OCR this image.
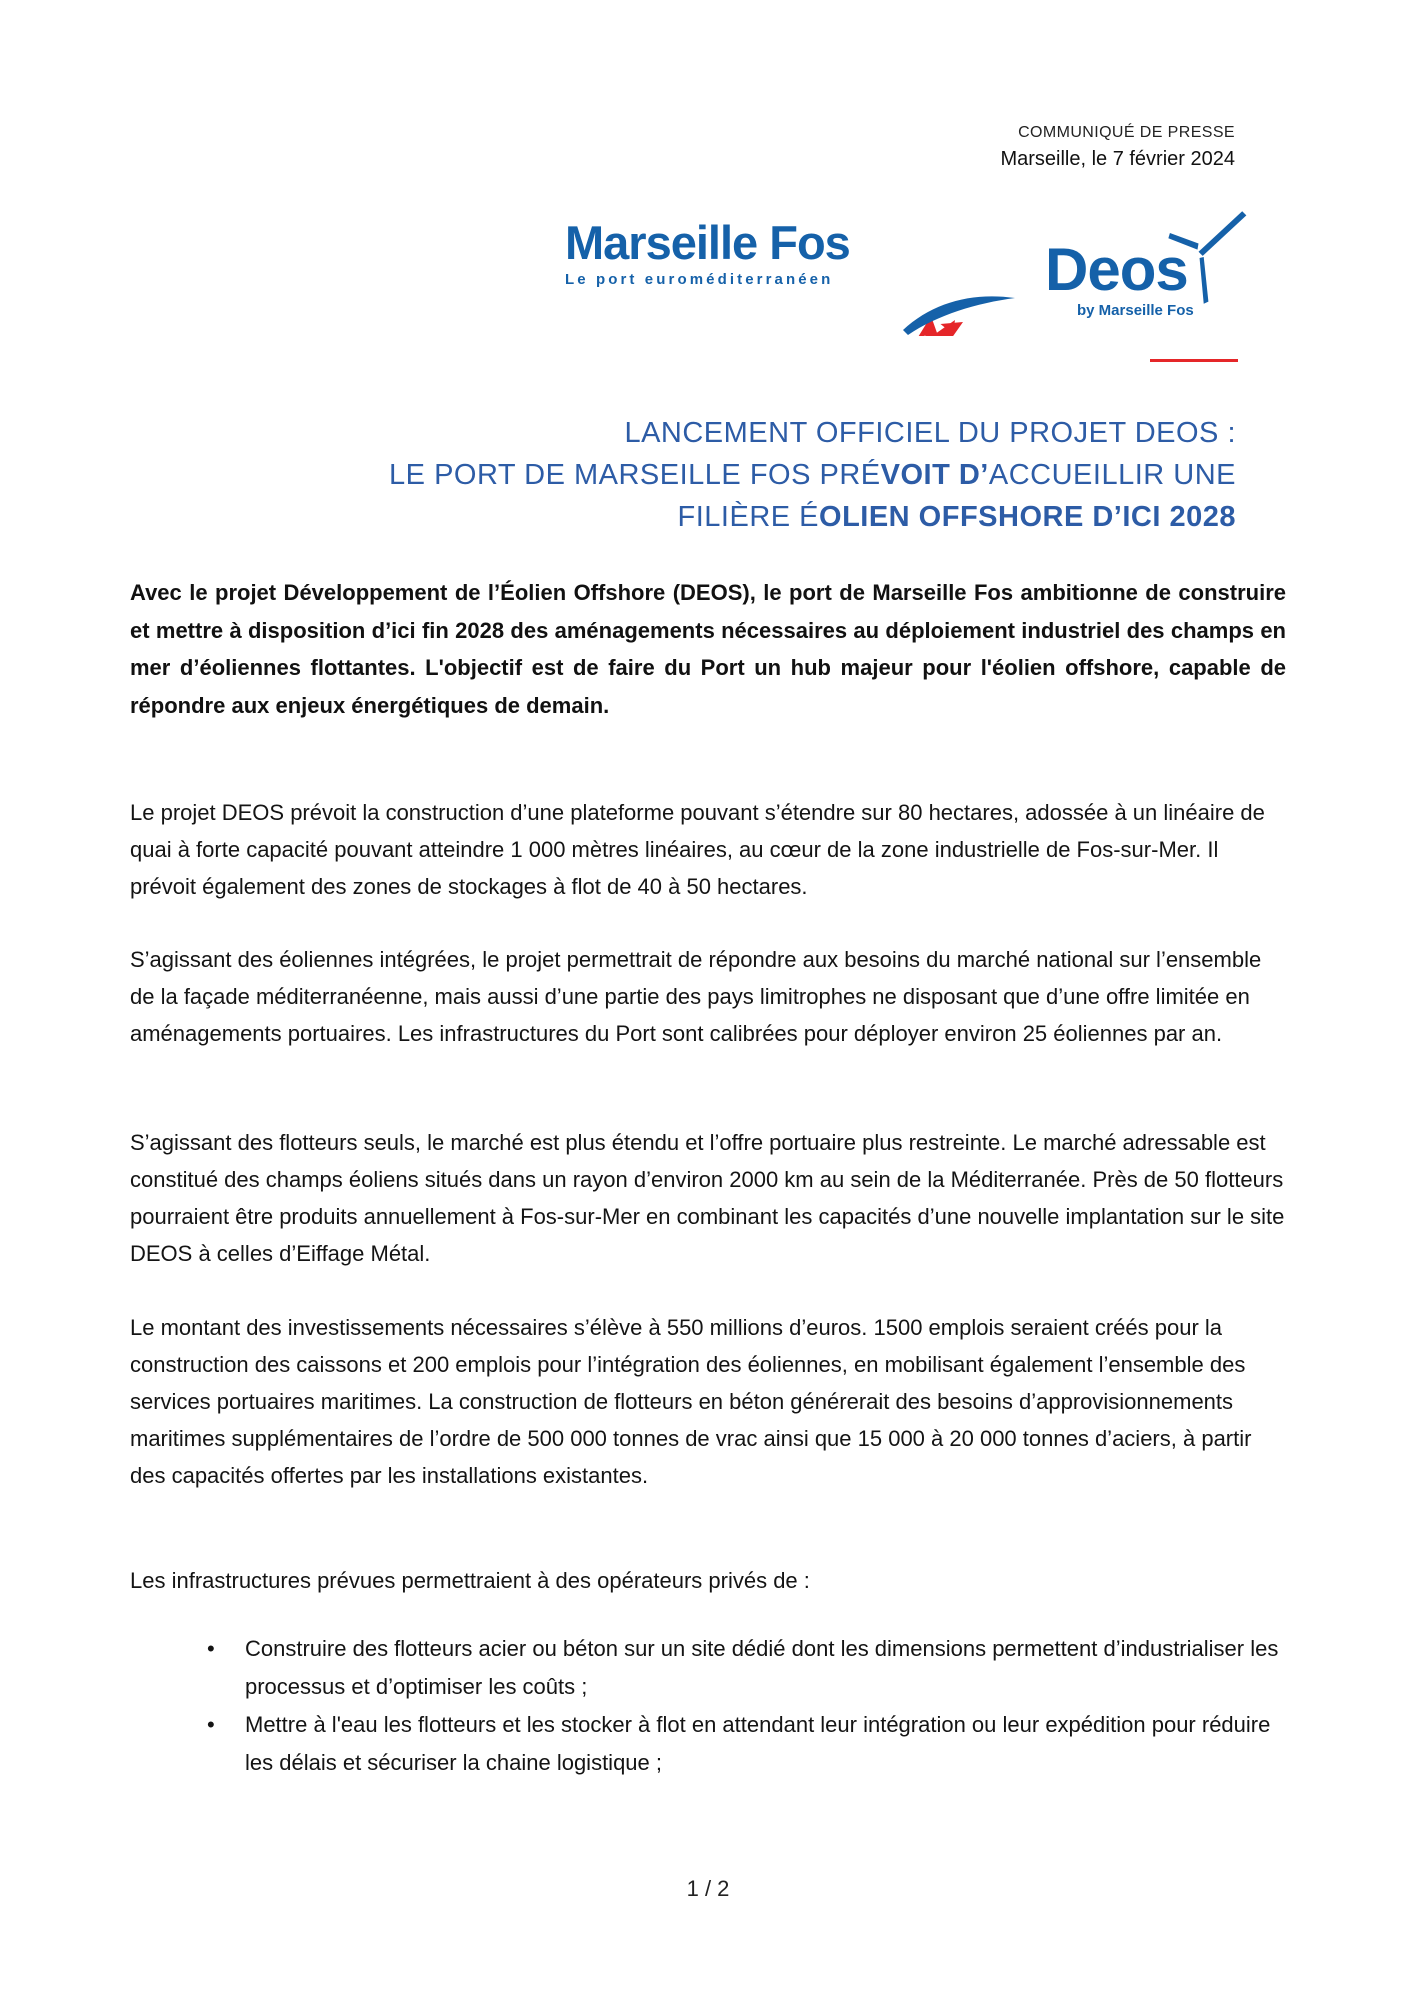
COMMUNIQUÉ DE PRESSE
Marseille, le 7 février 2024
Marseille Fos
Le port euroméditerranéen	Deos
by Marseille Fos
LANCEMENT OFFICIEL DU PROJET DEOS :
LE PORT DE MARSEILLE FOS PRÉVOIT D’ACCUEILLIR UNE
FILIÈRE ÉOLIEN OFFSHORE D’ICI 2028
Avec le projet Développement de l’Éolien Offshore (DEOS), le port de Marseille Fos ambitionne de construire et mettre à disposition d’ici fin 2028 des aménagements nécessaires au déploiement industriel des champs en mer d’éoliennes flottantes. L'objectif est de faire du Port un hub majeur pour l'éolien offshore, capable de répondre aux enjeux énergétiques de demain.
Le projet DEOS prévoit la construction d’une plateforme pouvant s’étendre sur 80 hectares, adossée à un linéaire de quai à forte capacité pouvant atteindre 1 000 mètres linéaires, au cœur de la zone industrielle de Fos-sur-Mer. Il prévoit également des zones de stockages à flot de 40 à 50 hectares.
S’agissant des éoliennes intégrées, le projet permettrait de répondre aux besoins du marché national sur l’ensemble de la façade méditerranéenne, mais aussi d’une partie des pays limitrophes ne disposant que d’une offre limitée en aménagements portuaires. Les infrastructures du Port sont calibrées pour déployer environ 25 éoliennes par an.
S’agissant des flotteurs seuls, le marché est plus étendu et l’offre portuaire plus restreinte. Le marché adressable est constitué des champs éoliens situés dans un rayon d’environ 2000 km au sein de la Méditerranée. Près de 50 flotteurs pourraient être produits annuellement à Fos-sur-Mer en combinant les capacités d’une nouvelle implantation sur le site DEOS à celles d’Eiffage Métal.
Le montant des investissements nécessaires s’élève à 550 millions d’euros. 1500 emplois seraient créés pour la construction des caissons et 200 emplois pour l’intégration des éoliennes, en mobilisant également l’ensemble des services portuaires maritimes. La construction de flotteurs en béton générerait des besoins d’approvisionnements maritimes supplémentaires de l’ordre de 500 000 tonnes de vrac ainsi que 15 000 à 20 000 tonnes d’aciers, à partir des capacités offertes par les installations existantes.
Les infrastructures prévues permettraient à des opérateurs privés de :
• Construire des flotteurs acier ou béton sur un site dédié dont les dimensions permettent d’industrialiser les processus et d’optimiser les coûts ;
• Mettre à l'eau les flotteurs et les stocker à flot en attendant leur intégration ou leur expédition pour réduire les délais et sécuriser la chaine logistique ;
1 / 2
